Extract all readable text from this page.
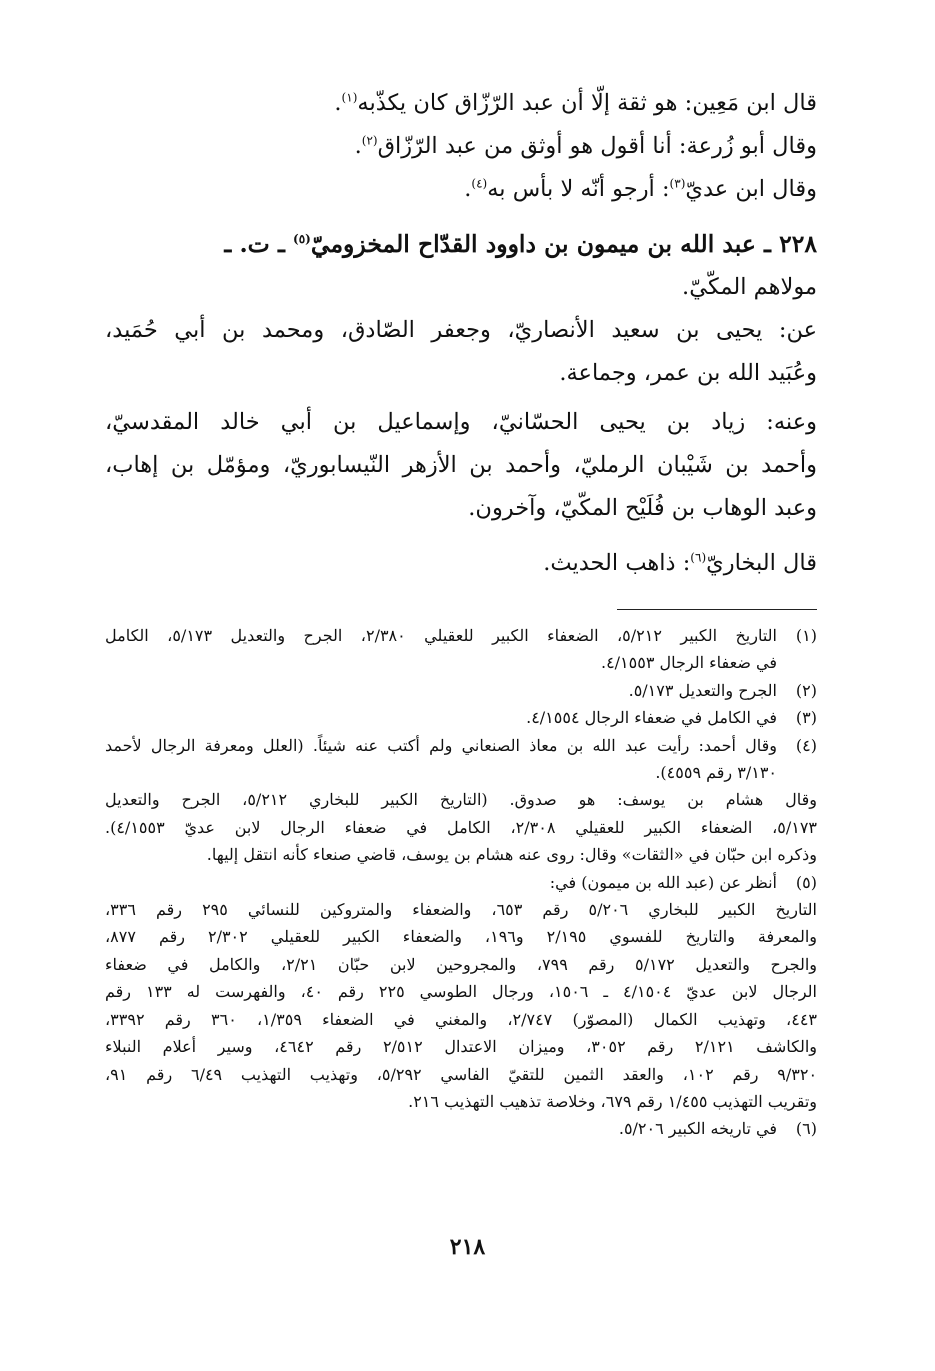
قال ابن مَعِين: هو ثقة إلّا أن عبد الرّزّاق كان يكذّبه$^{(١)}$.
وقال أبو زُرعة: أنا أقول هو أوثق من عبد الرّزّاق$^{(٢)}$.
وقال ابن عديّ$^{(٣)}$: أرجو أنّه لا بأس به$^{(٤)}$.
٢٢٨ ـ عبد الله بن ميمون بن داوود القدّاح المخزوميّ$^{(٥)}$ ـ ت. ـ
مولاهم المكّيّ.
عن: يحيى بن سعيد الأنصاريّ، وجعفر الصّادق، ومحمد بن أبي حُمَيد،
وعُبَيد الله بن عمر، وجماعة.
وعنه: زياد بن يحيى الحسّانيّ، وإسماعيل بن أبي خالد المقدسيّ،
وأحمد بن شَيْبان الرمليّ، وأحمد بن الأزهر النّيسابوريّ، ومؤمّل بن إهاب،
وعبد الوهاب بن فُلَيْح المكّيّ، وآخرون.
قال البخاريّ$^{(٦)}$: ذاهب الحديث.
(١)
التاريخ الكبير ٥/٢١٢، الضعفاء الكبير للعقيلي ٢/٣٨٠، الجرح والتعديل ٥/١٧٣، الكامل
في ضعفاء الرجال ٤/١٥٥٣.
(٢)
الجرح والتعديل ٥/١٧٣.
(٣)
في الكامل في ضعفاء الرجال ٤/١٥٥٤.
(٤)
وقال أحمد: رأيت عبد الله بن معاذ الصنعاني ولم أكتب عنه شيئاً. (العلل ومعرفة الرجال لأحمد
٣/١٣٠ رقم ٤٥٥٩).
وقال هشام بن يوسف: هو صدوق. (التاريخ الكبير للبخاري ٥/٢١٢، الجرح والتعديل
٥/١٧٣، الضعفاء الكبير للعقيلي ٢/٣٠٨، الكامل في ضعفاء الرجال لابن عديّ ٤/١٥٥٣).
وذكره ابن حبّان في «الثقات» وقال: روى عنه هشام بن يوسف، قاضي صنعاء كأنه انتقل إليها.
(٥)
أنظر عن (عبد الله بن ميمون) في:
التاريخ الكبير للبخاري ٥/٢٠٦ رقم ٦٥٣، والضعفاء والمتروكين للنسائي ٢٩٥ رقم ٣٣٦،
والمعرفة والتاريخ للفسوي ٢/١٩٥ و١٩٦، والضعفاء الكبير للعقيلي ٢/٣٠٢ رقم ٨٧٧،
والجرح والتعديل ٥/١٧٢ رقم ٧٩٩، والمجروحين لابن حبّان ٢/٢١، والكامل في ضعفاء
الرجال لابن عديّ ٤/١٥٠٤ ـ ١٥٠٦، ورجال الطوسي ٢٢٥ رقم ٤٠، والفهرست له ١٣٣ رقم
٤٤٣، وتهذيب الكمال (المصوّر) ٢/٧٤٧، والمغني في الضعفاء ١/٣٥٩، ٣٦٠ رقم ٣٣٩٢،
والكاشف ٢/١٢١ رقم ٣٠٥٢، وميزان الاعتدال ٢/٥١٢ رقم ٤٦٤٢، وسير أعلام النبلاء
٩/٣٢٠ رقم ١٠٢، والعقد الثمين للتقيّ الفاسي ٥/٢٩٢، وتهذيب التهذيب ٦/٤٩ رقم ٩١،
وتقريب التهذيب ١/٤٥٥ رقم ٦٧٩، وخلاصة تذهيب التهذيب ٢١٦.
(٦)
في تاريخه الكبير ٥/٢٠٦.
٢١٨
